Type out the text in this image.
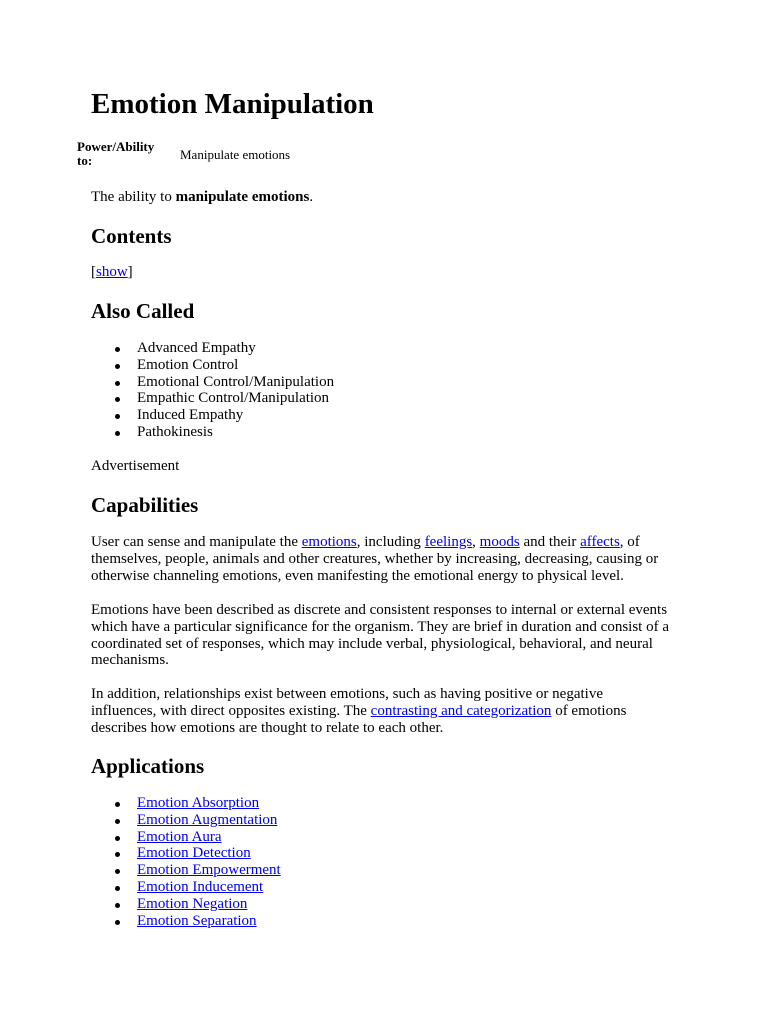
Emotion Manipulation
Power/Ability to:	Manipulate emotions

The ability to manipulate emotions.

Contents

[show]

Also Called
Advanced Empathy
Emotion Control
Emotional Control/Manipulation
Empathic Control/Manipulation
Induced Empathy
Pathokinesis

Advertisement

Capabilities

User can sense and manipulate the emotions, including feelings, moods and their affects, of themselves, people, animals and other creatures, whether by increasing, decreasing, causing or otherwise channeling emotions, even manifesting the emotional energy to physical level.

Emotions have been described as discrete and consistent responses to internal or external events which have a particular significance for the organism. They are brief in duration and consist of a coordinated set of responses, which may include verbal, physiological, behavioral, and neural mechanisms.

In addition, relationships exist between emotions, such as having positive or negative influences, with direct opposites existing. The contrasting and categorization of emotions describes how emotions are thought to relate to each other.

Applications
Emotion Absorption
Emotion Augmentation
Emotion Aura
Emotion Detection
Emotion Empowerment
Emotion Inducement
Emotion Negation
Emotion Separation
